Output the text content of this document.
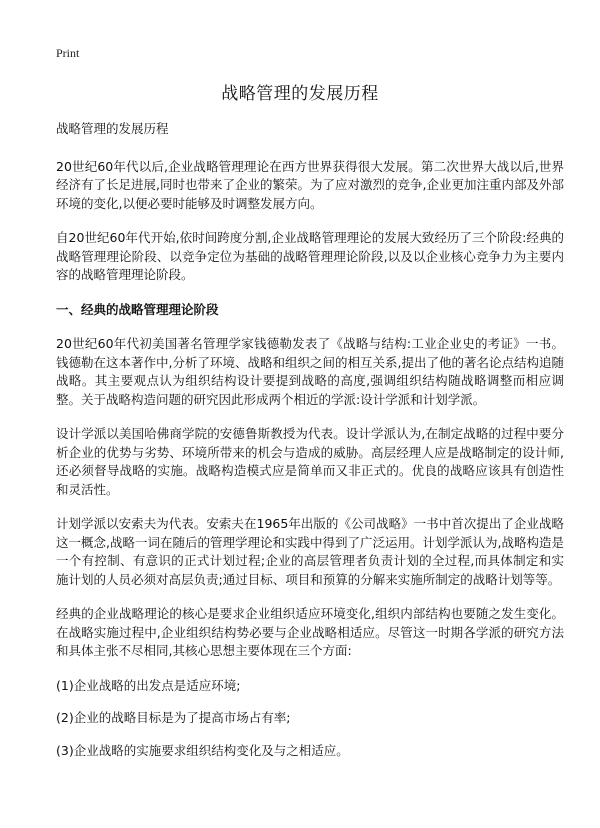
Print
战略管理的发展历程

战略管理的发展历程

20世纪60年代以后,企业战略管理理论在西方世界获得很大发展。第二次世界大战以后,世界经济有了长足进展,同时也带来了企业的繁荣。为了应对激烈的竞争,企业更加注重内部及外部环境的变化,以便必要时能够及时调整发展方向。

自20世纪60年代开始,依时间跨度分割,企业战略管理理论的发展大致经历了三个阶段:经典的战略管理理论阶段、以竞争定位为基础的战略管理理论阶段,以及以企业核心竞争力为主要内容的战略管理理论阶段。

一、经典的战略管理理论阶段

20世纪60年代初美国著名管理学家钱德勒发表了《战略与结构:工业企业史的考证》一书。钱德勒在这本著作中,分析了环境、战略和组织之间的相互关系,提出了他的著名论点结构追随战略。其主要观点认为组织结构设计要提到战略的高度,强调组织结构随战略调整而相应调整。关于战略构造问题的研究因此形成两个相近的学派:设计学派和计划学派。

设计学派以美国哈佛商学院的安德鲁斯教授为代表。设计学派认为,在制定战略的过程中要分析企业的优势与劣势、环境所带来的机会与造成的威胁。高层经理人应是战略制定的设计师,还必须督导战略的实施。战略构造模式应是简单而又非正式的。优良的战略应该具有创造性和灵活性。

计划学派以安索夫为代表。安索夫在1965年出版的《公司战略》一书中首次提出了企业战略这一概念,战略一词在随后的管理学理论和实践中得到了广泛运用。计划学派认为,战略构造是一个有控制、有意识的正式计划过程;企业的高层管理者负责计划的全过程,而具体制定和实施计划的人员必须对高层负责;通过目标、项目和预算的分解来实施所制定的战略计划等等。

经典的企业战略理论的核心是要求企业组织适应环境变化,组织内部结构也要随之发生变化。在战略实施过程中,企业组织结构势必要与企业战略相适应。尽管这一时期各学派的研究方法和具体主张不尽相同,其核心思想主要体现在三个方面:

(1)企业战略的出发点是适应环境;

(2)企业的战略目标是为了提高市场占有率;

(3)企业战略的实施要求组织结构变化及与之相适应。
